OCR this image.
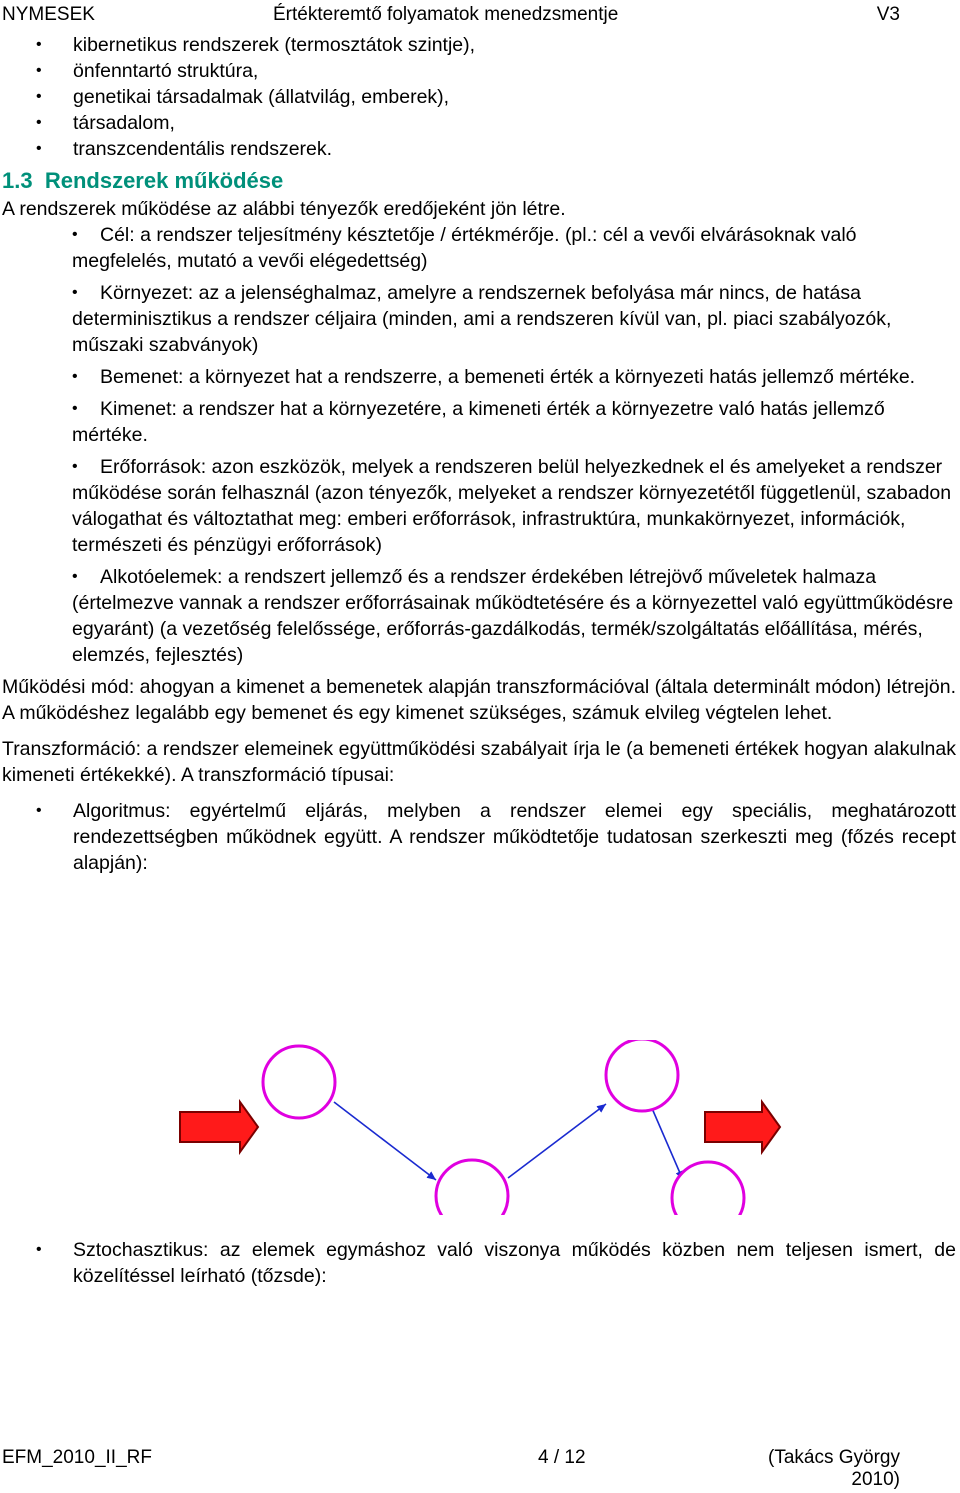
NYMESEK	Értékteremtő folyamatok menedzsmentje	V3
• kibernetikus rendszerek (termosztátok szintje),
• önfenntartó struktúra,
• genetikai társadalmak (állatvilág, emberek),
• társadalom,
• transzcendentális rendszerek.
1.3 Rendszerek működése

A rendszerek működése az alábbi tényezők eredőjeként jön létre.

• Cél: a rendszer teljesítmény késztetője / értékmérője. (pl.: cél a vevői elvárásoknak való megfelelés, mutató a vevői elégedettség)
• Környezet: az a jelenséghalmaz, amelyre a rendszernek befolyása már nincs, de hatása determinisztikus a rendszer céljaira (minden, ami a rendszeren kívül van, pl. piaci szabályozók, műszaki szabványok)
• Bemenet: a környezet hat a rendszerre, a bemeneti érték a környezeti hatás jellemző mértéke.
• Kimenet: a rendszer hat a környezetére, a kimeneti érték a környezetre való hatás jellemző mértéke.
• Erőforrások: azon eszközök, melyek a rendszeren belül helyezkednek el és amelyeket a rendszer működése során felhasznál (azon tényezők, melyeket a rendszer környezetétől függetlenül, szabadon válogathat és változtathat meg: emberi erőforrások, infrastruktúra, munkakörnyezet, információk, természeti és pénzügyi erőforrások)
• Alkotóelemek: a rendszert jellemző és a rendszer érdekében létrejövő műveletek halmaza (értelmezve vannak a rendszer erőforrásainak működtetésére és a környezettel való együttműködésre egyaránt) (a vezetőség felelőssége, erőforrás-gazdálkodás, termék/szolgáltatás előállítása, mérés, elemzés, fejlesztés)

Működési mód: ahogyan a kimenet a bemenetek alapján transzformációval (általa determinált módon) létrejön. A működéshez legalább egy bemenet és egy kimenet szükséges, számuk elvileg végtelen lehet.

Transzformáció: a rendszer elemeinek együttműködési szabályait írja le (a bemeneti értékek hogyan alakulnak kimeneti értékekké). A transzformáció típusai:

• Algoritmus: egyértelmű eljárás, melyben a rendszer elemei egy speciális, meghatározott rendezettségben működnek együtt. A rendszer működtetője tudatosan szerkeszti meg (főzés recept alapján):
• Sztochasztikus: az elemek egymáshoz való viszonya működés közben nem teljesen ismert, de közelítéssel leírható (tőzsde):
EFM_2010_II_RF	4 / 12	(Takács György
2010)
